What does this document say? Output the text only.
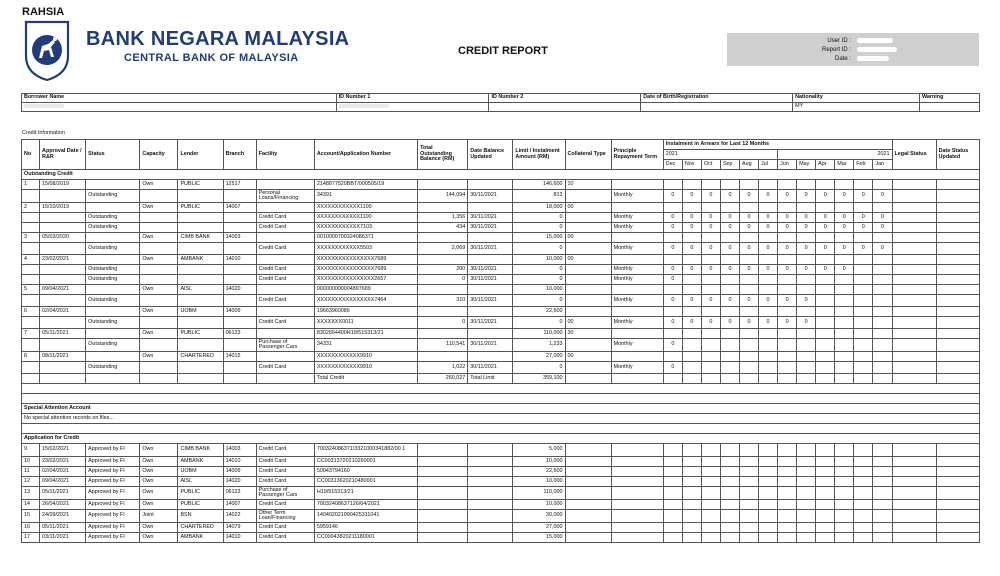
RAHSIA
BANK NEGARA MALAYSIA
CENTRAL BANK OF MALAYSIA
CREDIT REPORT
User ID :
Report ID :
Date :
Borrower Name	ID Number 1	ID Number 2	Date of Birth/Registration	Nationality	Warning
				MY	
Credit Information
No	Approval Date / R&R	Status	Capacity	Lender	Branch	Facility	Account/Application Number	Total Outstanding Balance (RM)	Date Balance Updated	Limit / Instalment Amount (RM)	Collateral Type	Principle Repayment Term	Instalment in Arrears for Last 12 Months												Legal Status	Date Status Updated
													2021						2021							
													Dec	Nov	Oct	Sep	Aug	Jul	Jun	May	Apr	Mar	Feb	Jan		
Outstanding Credit																										
1	15/08/2019		Own	PUBLIC	12517		2148877520BBT/000505/19			146,600	10															
		Outstanding				Personal Loans/Financing	34391	144,094	30/11/2021	813		Monthly	0	0	0	0	0	0	0	0	0	0	0	0		
2	15/10/2019		Own	PUBLIC	14007		XXXXXXXXXXXX1100			18,000	00															
		Outstanding				Credit Card	XXXXXXXXXXXX1100	1,356	30/11/2021	0		Monthly	0	0	0	0	0	0	0	0	0	0	0	0		
		Outstanding				Credit Card	XXXXXXXXXXXX7103	434	30/11/2021	0		Monthly	0	0	0	0	0	0	0	0	0	0	0	0		
3	05/03/2020		Own	CIMB BANK	14003		0010000700324086371			15,000	00															
		Outstanding				Credit Card	XXXXXXXXXXXX5503	2,069	30/11/2021	0		Monthly	0	0	0	0	0	0	0	0	0	0	0	0		
4	23/02/2021		Own	AMBANK	14010		XXXXXXXXXXXXXXXX7689			10,000	00															
		Outstanding				Credit Card	XXXXXXXXXXXXXXXX7689	200	30/11/2021	0		Monthly	0	0	0	0	0	0	0	0	0	0				
		Outstanding				Credit Card	XXXXXXXXXXXXXXXX2657	0	30/11/2021	0		Monthly	0													
5	09/04/2021		Own	AISL	14020		000000000004897689			10,000																
		Outstanding				Credit Card	XXXXXXXXXXXXXXXX7464	310	30/11/2021	0		Monthly	0	0	0	0	0	0	0	0						
6	02/04/2021		Own	UOBM	14009		19663960086			22,500																
		Outstanding				Credit Card	XXXXXXX0011	0	30/11/2021	0	00	Monthly	0	0	0	0	0	0	0	0						
7	05/11/2021		Own	PUBLIC	06123		8302664400H19/515313/21			110,000	30															
		Outstanding				Purchase of Passenger Cars	34331	110,541	30/11/2021	1,233		Monthly	0													
8	08/11/2021		Own	CHARTERED	14015		XXXXXXXXXXXX9910			27,000	00															
		Outstanding				Credit Card	XXXXXXXXXXXX9910	1,022	30/11/2021	0		Monthly	0													
							Total Credit	260,027	Total Limit	359,100																

Special Attention Account																										
No special attention records on files...																										

Application for Credit																										
9	15/02/2021	Approved by FI	Own	CIMB BANK	14003	Credit Card	700324086371/3321000341882/00 1			5,000																
10	23/02/2021	Approved by FI	Own	AMBANK	14010	Credit Card	CC00313720210260001			10,000																
11	02/04/2021	Approved by FI	Own	UOBM	14009	Credit Card	50043794160			22,500																
12	09/04/2021	Approved by FI	Own	AISL	14020	Credit Card	CC00313620210480001			10,000																
13	05/11/2021	Approved by FI	Own	PUBLIC	06123	Purchase of Passenger Cars	H19/515313/21			110,000																
14	26/04/2021	Approved by FI	Own	PUBLIC	14007	Credit Card	70032408637126/04/2021			10,000																
15	24/09/2021	Approved by FI	Joint	BSN	14022	Other Term Loan/Financing	140402021090425311041			30,000																
16	05/11/2021	Approved by FI	Own	CHARTERED	14079	Credit Card	5959146			27,000																
17	03/11/2021	Approved by FI	Own	AMBANK	14010	Credit Card	CC00043820211180001			15,000																
